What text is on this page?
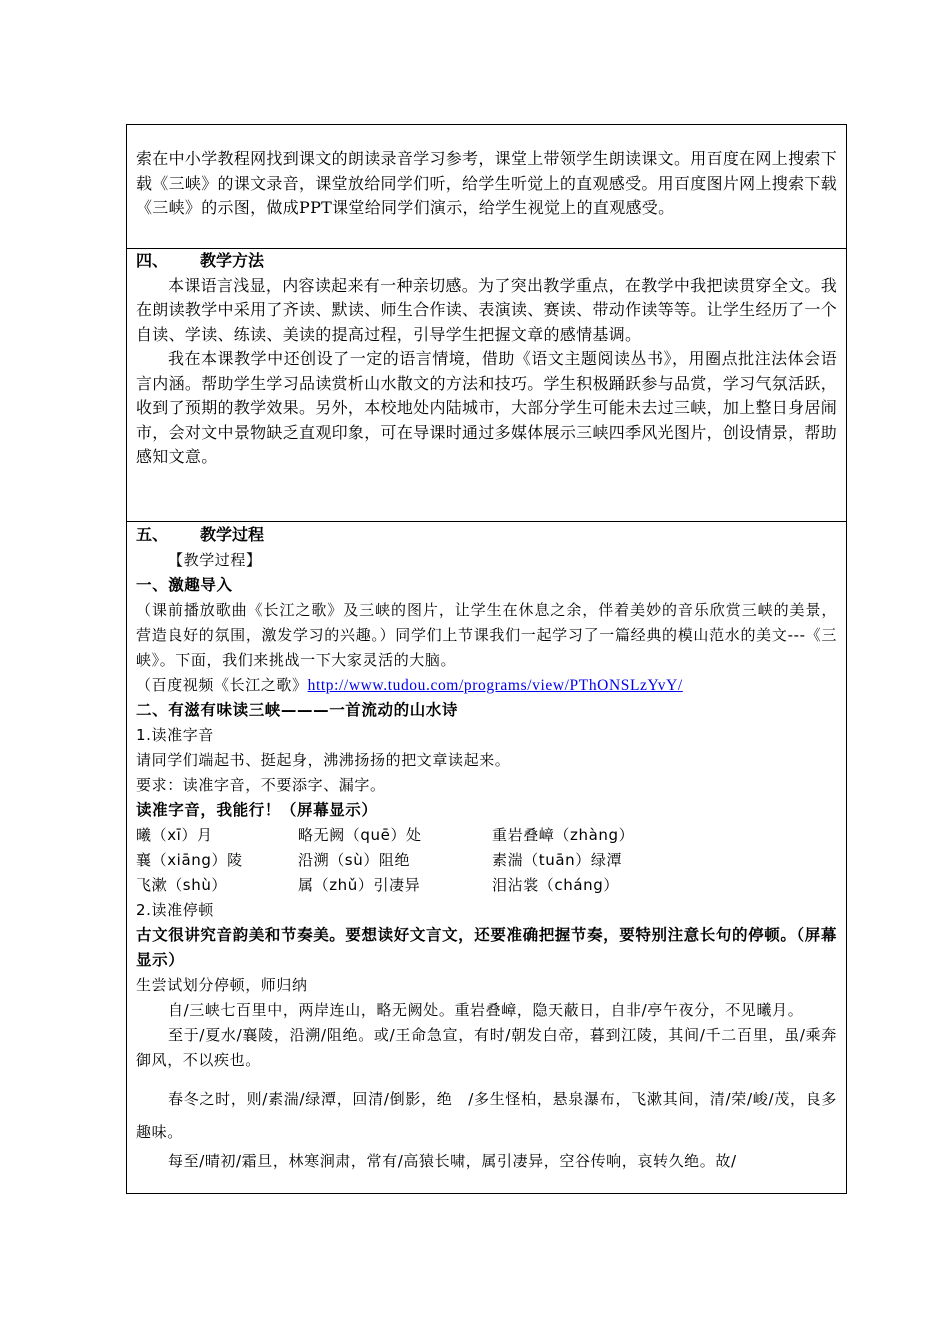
索在中小学教程网找到课文的朗读录音学习参考，课堂上带领学生朗读课文。用百度在网上搜索下载《三峡》的课文录音，课堂放给同学们听，给学生听觉上的直观感受。用百度图片网上搜索下载《三峡》的示图，做成PPT课堂给同学们演示，给学生视觉上的直观感受。

四、 教学方法

本课语言浅显，内容读起来有一种亲切感。为了突出教学重点，在教学中我把读贯穿全文。我在朗读教学中采用了齐读、默读、师生合作读、表演读、赛读、带动作读等等。让学生经历了一个自读、学读、练读、美读的提高过程，引导学生把握文章的感情基调。

我在本课教学中还创设了一定的语言情境，借助《语文主题阅读丛书》，用圈点批注法体会语言内涵。帮助学生学习品读赏析山水散文的方法和技巧。学生积极踊跃参与品赏，学习气氛活跃，收到了预期的教学效果。另外，本校地处内陆城市，大部分学生可能未去过三峡，加上整日身居闹市，会对文中景物缺乏直观印象，可在导课时通过多媒体展示三峡四季风光图片，创设情景，帮助感知文意。

五、 教学过程

【教学过程】

一、激趣导入

（课前播放歌曲《长江之歌》及三峡的图片，让学生在休息之余，伴着美妙的音乐欣赏三峡的美景，营造良好的氛围，激发学习的兴趣。）同学们上节课我们一起学习了一篇经典的模山范水的美文---《三峡》。下面，我们来挑战一下大家灵活的大脑。

（百度视频《长江之歌》http://www.tudou.com/programs/view/PThONSLzYvY/

二、有滋有味读三峡———一首流动的山水诗

1.读准字音

请同学们端起书、挺起身，沸沸扬扬的把文章读起来。

要求：读准字音，不要添字、漏字。

读准字音，我能行！（屏幕显示）

曦（xī）月	略无阙（quē）处	重岩叠嶂（zhàng）
襄（xiāng）陵	沿溯（sù）阻绝	素湍（tuān）绿潭
飞漱（shù）	属（zhǔ）引凄异	泪沾裳（cháng）

2.读准停顿

古文很讲究音韵美和节奏美。要想读好文言文，还要准确把握节奏，要特别注意长句的停顿。（屏幕显示）

生尝试划分停顿，师归纳

自/三峡七百里中，两岸连山，略无阙处。重岩叠嶂，隐天蔽日，自非/亭午夜分，不见曦月。

至于/夏水/襄陵，沿溯/阻绝。或/王命急宣，有时/朝发白帝，暮到江陵，其间/千二百里，虽/乘奔御风，不以疾也。

春冬之时，则/素湍/绿潭，回清/倒影，绝　/多生怪柏，悬泉瀑布，飞漱其间，清/荣/峻/茂，良多趣味。

每至/晴初/霜旦，林寒涧肃，常有/高猿长啸，属引凄异，空谷传响，哀转久绝。故/
